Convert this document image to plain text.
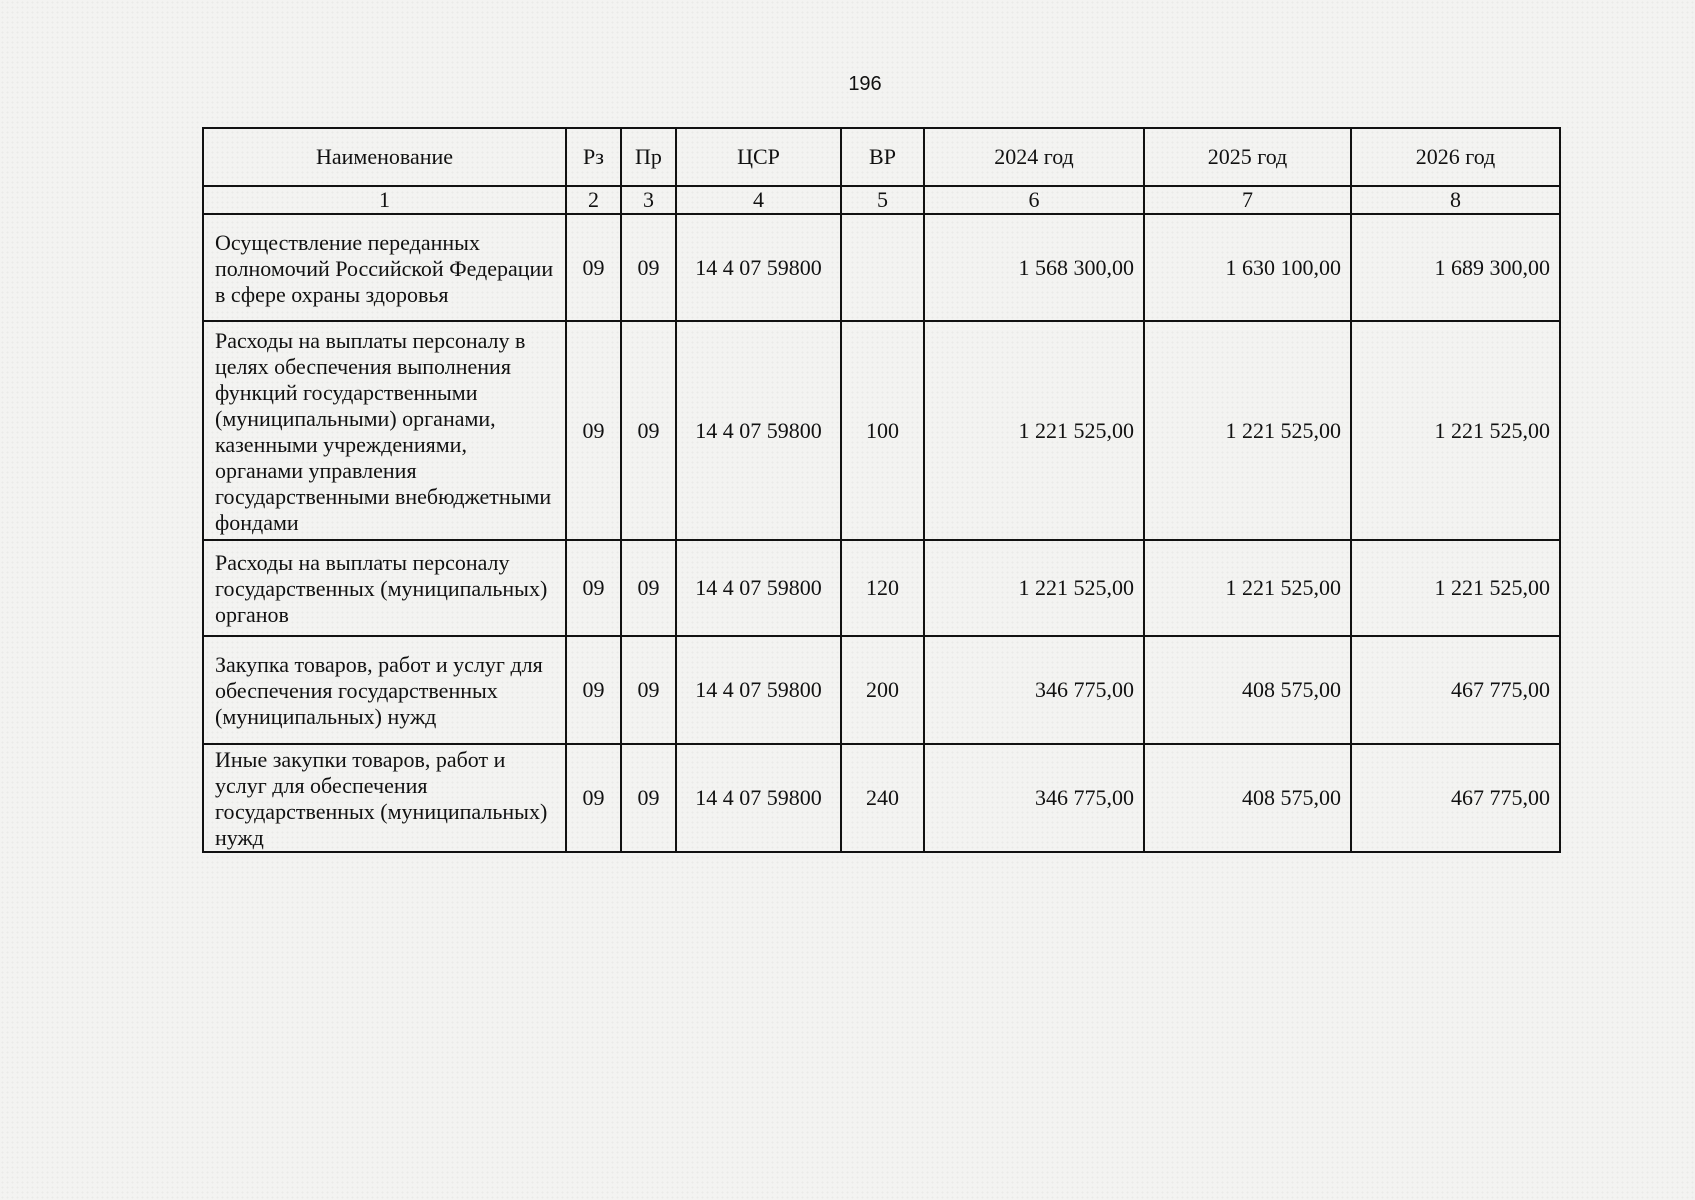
196
Наименование	Рз	Пр	ЦСР	ВР	2024 год	2025 год	2026 год
1	2	3	4	5	6	7	8
Осуществление переданных полномочий Российской Федерации в сфере охраны здоровья	09	09	14 4 07 59800		1 568 300,00	1 630 100,00	1 689 300,00
Расходы на выплаты персоналу в целях обеспечения выполнения функций государственными (муниципальными) органами, казенными учреждениями, органами управления государственными внебюджетными фондами	09	09	14 4 07 59800	100	1 221 525,00	1 221 525,00	1 221 525,00
Расходы на выплаты персоналу государственных (муниципальных) органов	09	09	14 4 07 59800	120	1 221 525,00	1 221 525,00	1 221 525,00
Закупка товаров, работ и услуг для обеспечения государственных (муниципальных) нужд	09	09	14 4 07 59800	200	346 775,00	408 575,00	467 775,00
Иные закупки товаров, работ и услуг для обеспечения государственных (муниципальных) нужд	09	09	14 4 07 59800	240	346 775,00	408 575,00	467 775,00
